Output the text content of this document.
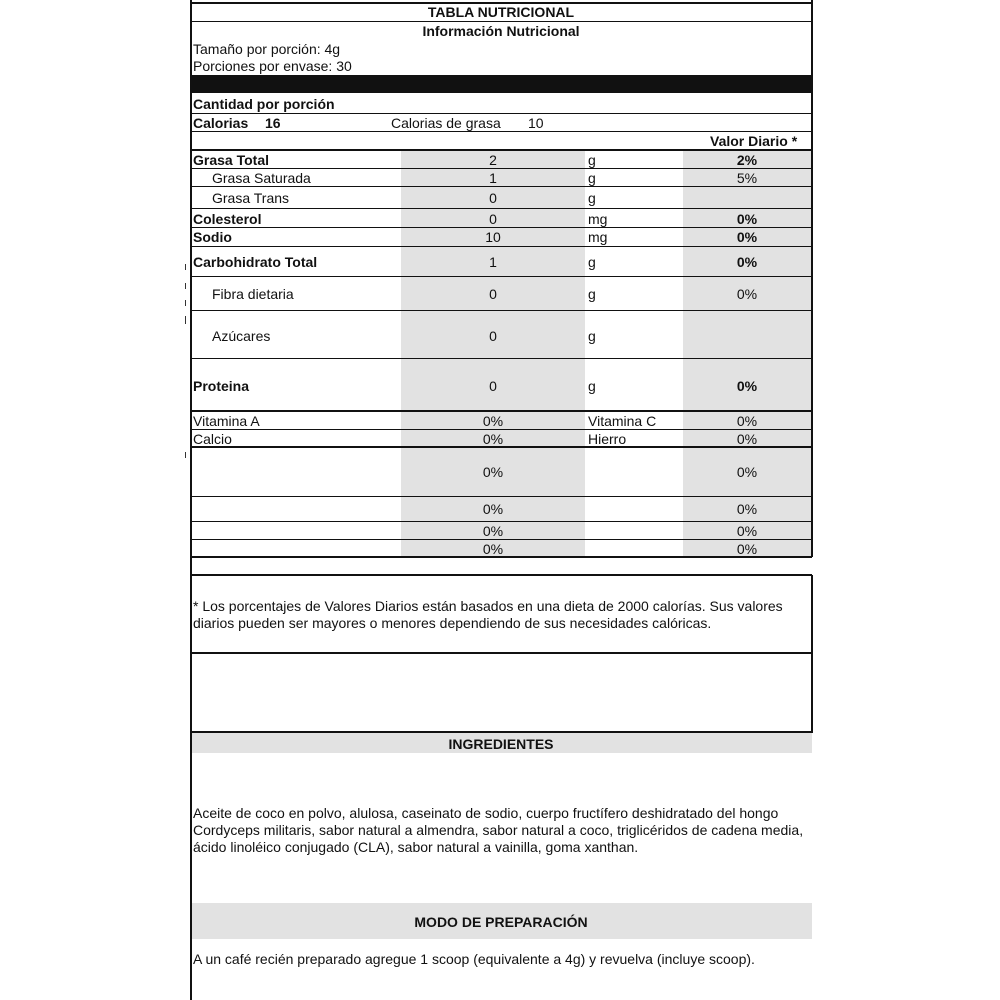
TABLA NUTRICIONAL
Información Nutricional
Tamaño por porción: 4g
Porciones por envase: 30
Cantidad por porción
Calorias 16	Calorias de grasa 10
Valor Diario *
Grasa Total	2	g	2%
Grasa Saturada	1	g	5%
Grasa Trans	0	g
Colesterol	0	mg	0%
Sodio	10	mg	0%
Carbohidrato Total	1	g	0%
Fibra dietaria	0	g	0%
Azúcares	0	g
Proteina	0	g	0%
Vitamina A	0%	Vitamina C	0%
Calcio	0%	Hierro	0%
0%	0%
0%	0%
0%	0%
0%	0%
* Los porcentajes de Valores Diarios están basados en una dieta de 2000 calorías. Sus valores diarios pueden ser mayores o menores dependiendo de sus necesidades calóricas.
INGREDIENTES
Aceite de coco en polvo, alulosa, caseinato de sodio, cuerpo fructífero deshidratado del hongo Cordyceps militaris, sabor natural a almendra, sabor natural a coco, triglicéridos de cadena media, ácido linoléico conjugado (CLA), sabor natural a vainilla, goma xanthan.
MODO DE PREPARACIÓN
A un café recién preparado agregue 1 scoop (equivalente a 4g) y revuelva (incluye scoop).
